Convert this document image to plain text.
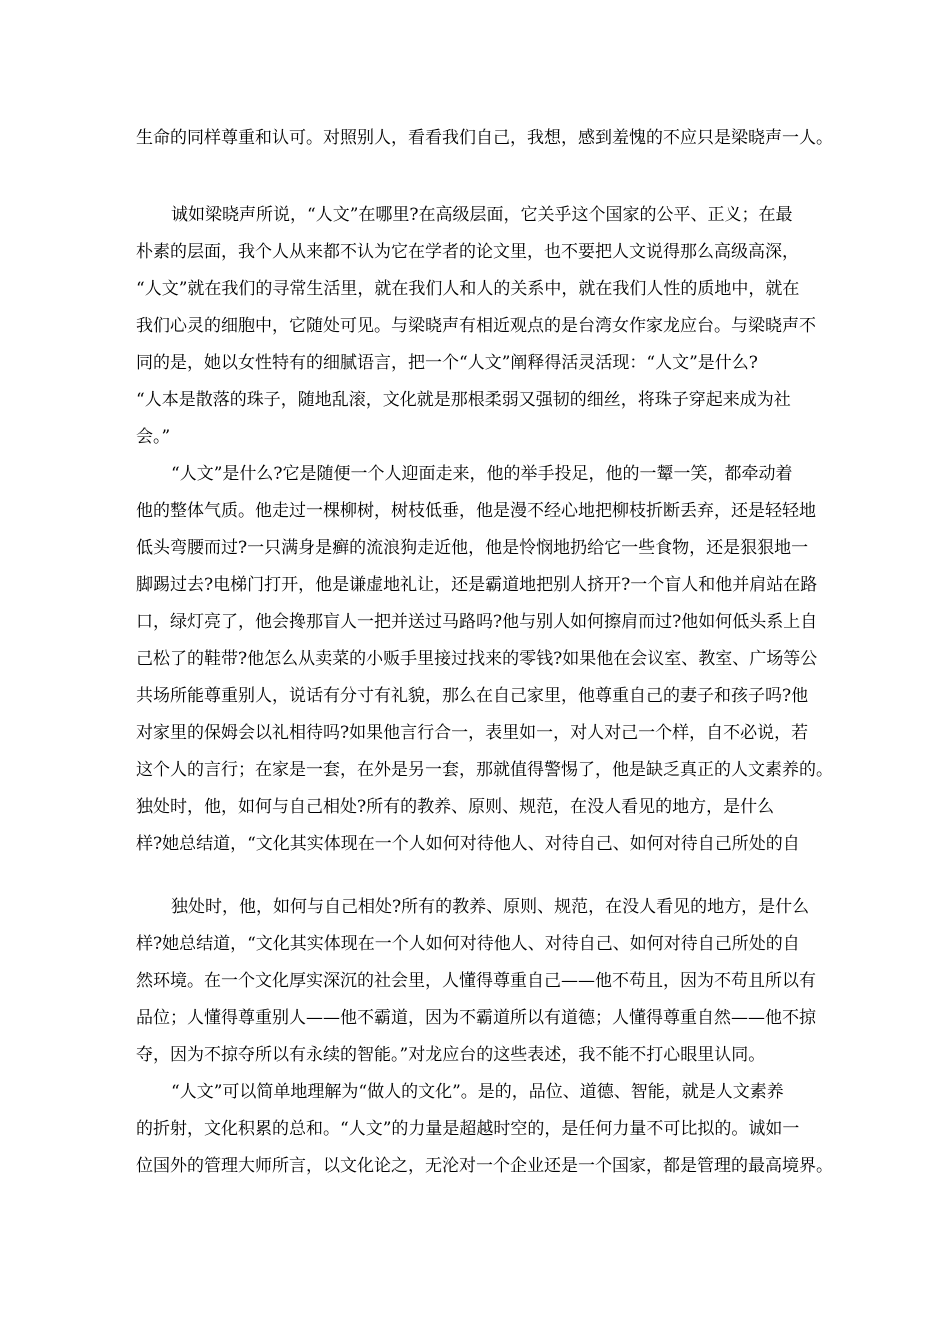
生命的同样尊重和认可。对照别人，看看我们自己，我想，感到羞愧的不应只是梁晓声一人。

诚如梁晓声所说，“人文”在哪里?在高级层面，它关乎这个国家的公平、正义；在最

朴素的层面，我个人从来都不认为它在学者的论文里，也不要把人文说得那么高级高深，

“人文”就在我们的寻常生活里，就在我们人和人的关系中，就在我们人性的质地中，就在

我们心灵的细胞中，它随处可见。与梁晓声有相近观点的是台湾女作家龙应台。与梁晓声不

同的是，她以女性特有的细腻语言，把一个“人文”阐释得活灵活现：“人文”是什么?

“人本是散落的珠子，随地乱滚，文化就是那根柔弱又强韧的细丝，将珠子穿起来成为社

会。”

“人文”是什么?它是随便一个人迎面走来，他的举手投足，他的一颦一笑，都牵动着

他的整体气质。他走过一棵柳树，树枝低垂，他是漫不经心地把柳枝折断丢弃，还是轻轻地

低头弯腰而过?一只满身是癣的流浪狗走近他，他是怜悯地扔给它一些食物，还是狠狠地一

脚踢过去?电梯门打开，他是谦虚地礼让，还是霸道地把别人挤开?一个盲人和他并肩站在路

口，绿灯亮了，他会搀那盲人一把并送过马路吗?他与别人如何擦肩而过?他如何低头系上自

己松了的鞋带?他怎么从卖菜的小贩手里接过找来的零钱?如果他在会议室、教室、广场等公

共场所能尊重别人，说话有分寸有礼貌，那么在自己家里，他尊重自己的妻子和孩子吗?他

对家里的保姆会以礼相待吗?如果他言行合一，表里如一，对人对己一个样，自不必说，若

这个人的言行；在家是一套，在外是另一套，那就值得警惕了，他是缺乏真正的人文素养的。

独处时，他，如何与自己相处?所有的教养、原则、规范，在没人看见的地方，是什么

样?她总结道，“文化其实体现在一个人如何对待他人、对待自己、如何对待自己所处的自

独处时，他，如何与自己相处?所有的教养、原则、规范，在没人看见的地方，是什么

样?她总结道，“文化其实体现在一个人如何对待他人、对待自己、如何对待自己所处的自

然环境。在一个文化厚实深沉的社会里，人懂得尊重自己——他不苟且，因为不苟且所以有

品位；人懂得尊重别人——他不霸道，因为不霸道所以有道德；人懂得尊重自然——他不掠

夺，因为不掠夺所以有永续的智能。”对龙应台的这些表述，我不能不打心眼里认同。

“人文”可以简单地理解为“做人的文化”。是的，品位、道德、智能，就是人文素养

的折射，文化积累的总和。“人文”的力量是超越时空的，是任何力量不可比拟的。诚如一

位国外的管理大师所言，以文化论之，无沦对一个企业还是一个国家，都是管理的最高境界。
